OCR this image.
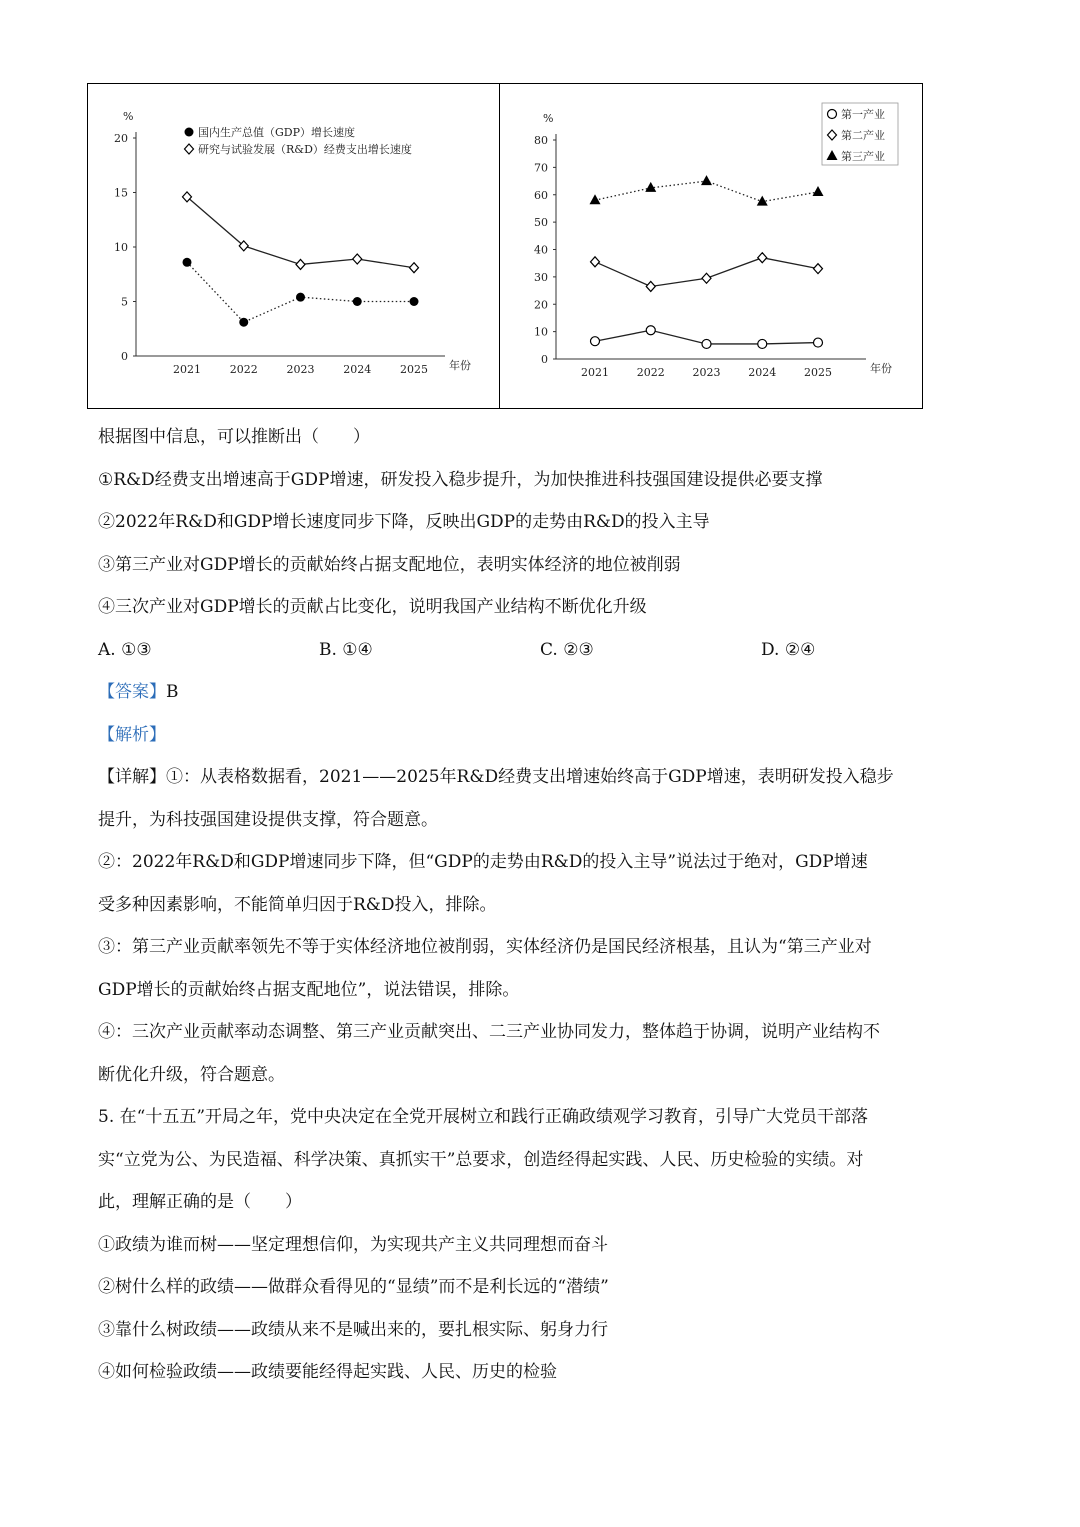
%
年份
0
5
10
15
20
2021	2022	2023	2024	2025
国内生产总值（GDP）增长速度
研究与试验发展（R&D）经费支出增长速度
%
年份
0
10
20
30
40
50
60
70
80
2021	2022	2023	2024	2025
第一产业
第二产业
第三产业
根据图中信息，可以推断出（　　）
①R&D经费支出增速高于GDP增速，研发投入稳步提升，为加快推进科技强国建设提供必要支撑
②2022年R&D和GDP增长速度同步下降，反映出GDP的走势由R&D的投入主导
③第三产业对GDP增长的贡献始终占据支配地位，表明实体经济的地位被削弱
④三次产业对GDP增长的贡献占比变化，说明我国产业结构不断优化升级
A. ①③	B. ①④	C. ②③	D. ②④
【答案】B
【解析】
【详解】①：从表格数据看，2021——2025年R&D经费支出增速始终高于GDP增速，表明研发投入稳步
提升，为科技强国建设提供支撑，符合题意。
②：2022年R&D和GDP增速同步下降，但“GDP的走势由R&D的投入主导”说法过于绝对，GDP增速
受多种因素影响，不能简单归因于R&D投入，排除。
③：第三产业贡献率领先不等于实体经济地位被削弱，实体经济仍是国民经济根基，且认为“第三产业对
GDP增长的贡献始终占据支配地位”，说法错误，排除。
④：三次产业贡献率动态调整、第三产业贡献突出、二三产业协同发力，整体趋于协调，说明产业结构不
断优化升级，符合题意。
5. 在“十五五”开局之年，党中央决定在全党开展树立和践行正确政绩观学习教育，引导广大党员干部落
实“立党为公、为民造福、科学决策、真抓实干”总要求，创造经得起实践、人民、历史检验的实绩。对
此，理解正确的是（　　）
①政绩为谁而树——坚定理想信仰，为实现共产主义共同理想而奋斗
②树什么样的政绩——做群众看得见的“显绩”而不是利长远的“潜绩”
③靠什么树政绩——政绩从来不是喊出来的，要扎根实际、躬身力行
④如何检验政绩——政绩要能经得起实践、人民、历史的检验
